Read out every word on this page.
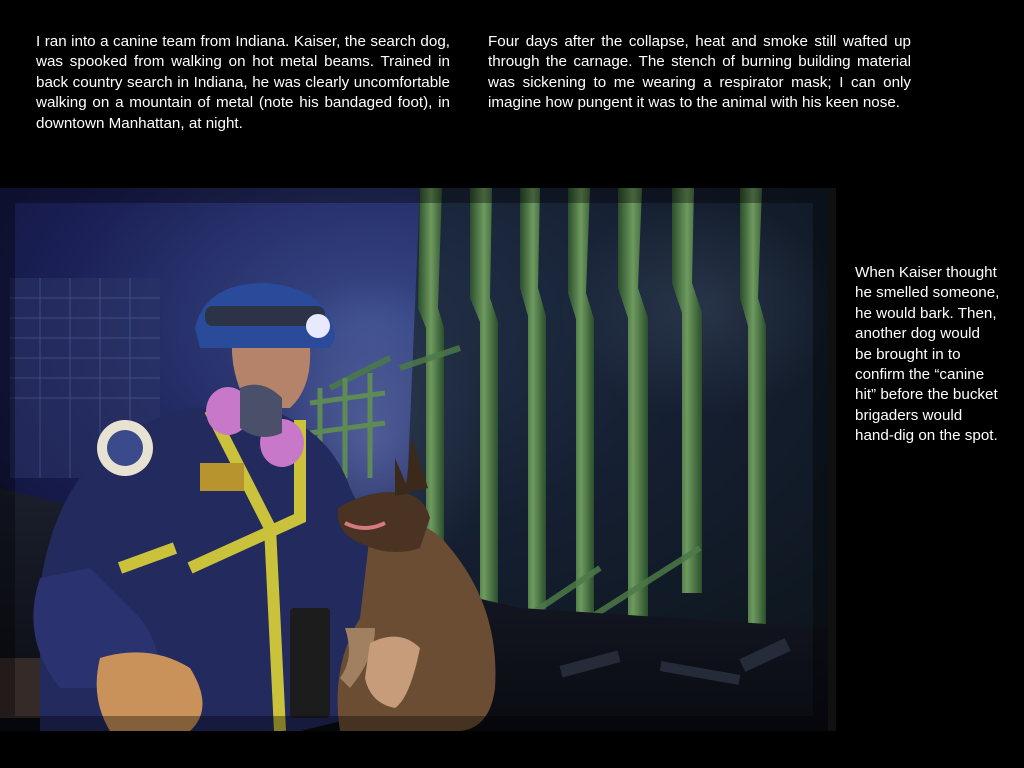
I ran into a canine team from Indiana. Kaiser, the search dog, was spooked from walking on hot metal beams. Trained in back country search in Indiana, he was clearly uncomfortable walking on a mountain of metal (note his bandaged foot), in downtown Manhattan, at night.
Four days after the collapse, heat and smoke still wafted up through the carnage. The stench of burning building material was sickening to me wearing a respirator mask; I can only imagine how pungent it was to the animal with his keen nose.
When Kaiser thought he smelled someone, he would bark. Then, another dog would be brought in to confirm the “canine hit” before the bucket brigaders would hand-dig on the spot.
